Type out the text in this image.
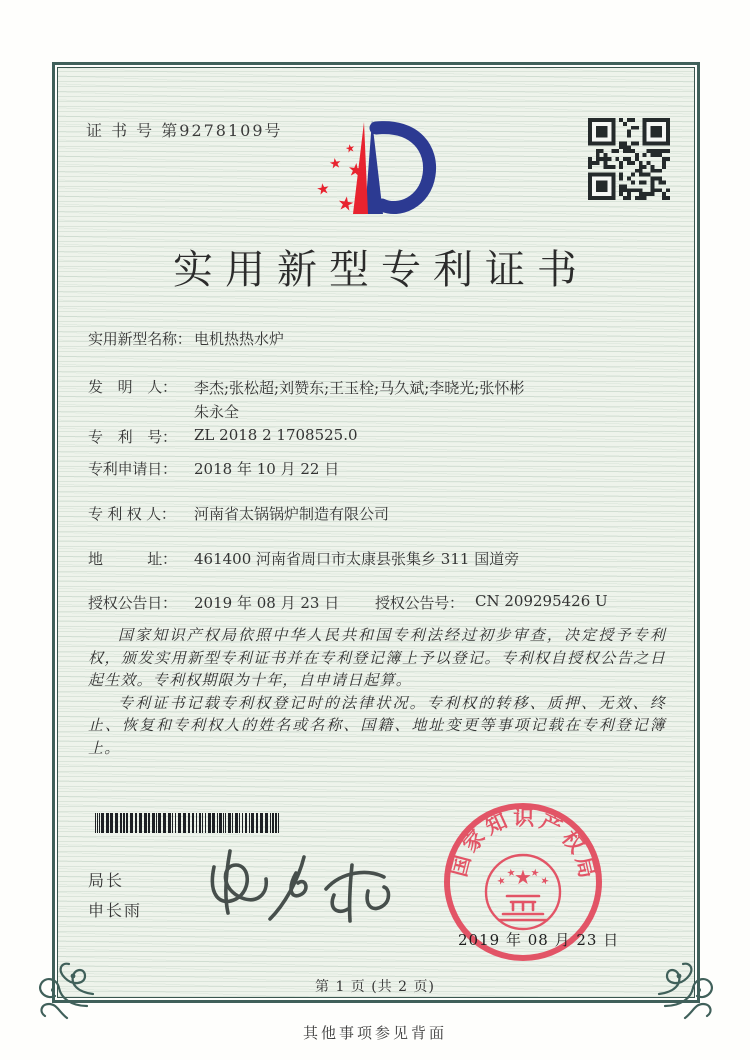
证 书 号 第9278109号
★
★ ★
★
★
实用新型专利证书
实用新型名称： 电机热热水炉
发　明　人：	李杰;张松超;刘赞东;王玉栓;马久斌;李晓光;张怀彬
朱永全
专　利　号：	ZL 2018 2 1708525.0
专利申请日：	2018 年 10 月 22 日
专 利 权 人：	河南省太锅锅炉制造有限公司
地　　　址：	461400 河南省周口市太康县张集乡 311 国道旁
授权公告日：	2019 年 08 月 23 日 授权公告号： CN 209295426 U

国家知识产权局依照中华人民共和国专利法经过初步审查，决定授予专利权，颁发实用新型专利证书并在专利登记簿上予以登记。专利权自授权公告之日起生效。专利权期限为十年，自申请日起算。

专利证书记载专利权登记时的法律状况。专利权的转移、质押、无效、终止、恢复和专利权人的姓名或名称、国籍、地址变更等事项记载在专利登记簿上。

局长
申长雨
国家知识产权局
★
★
★ ★
★
2019 年 08 月 23 日
第 1 页 (共 2 页)
其他事项参见背面
